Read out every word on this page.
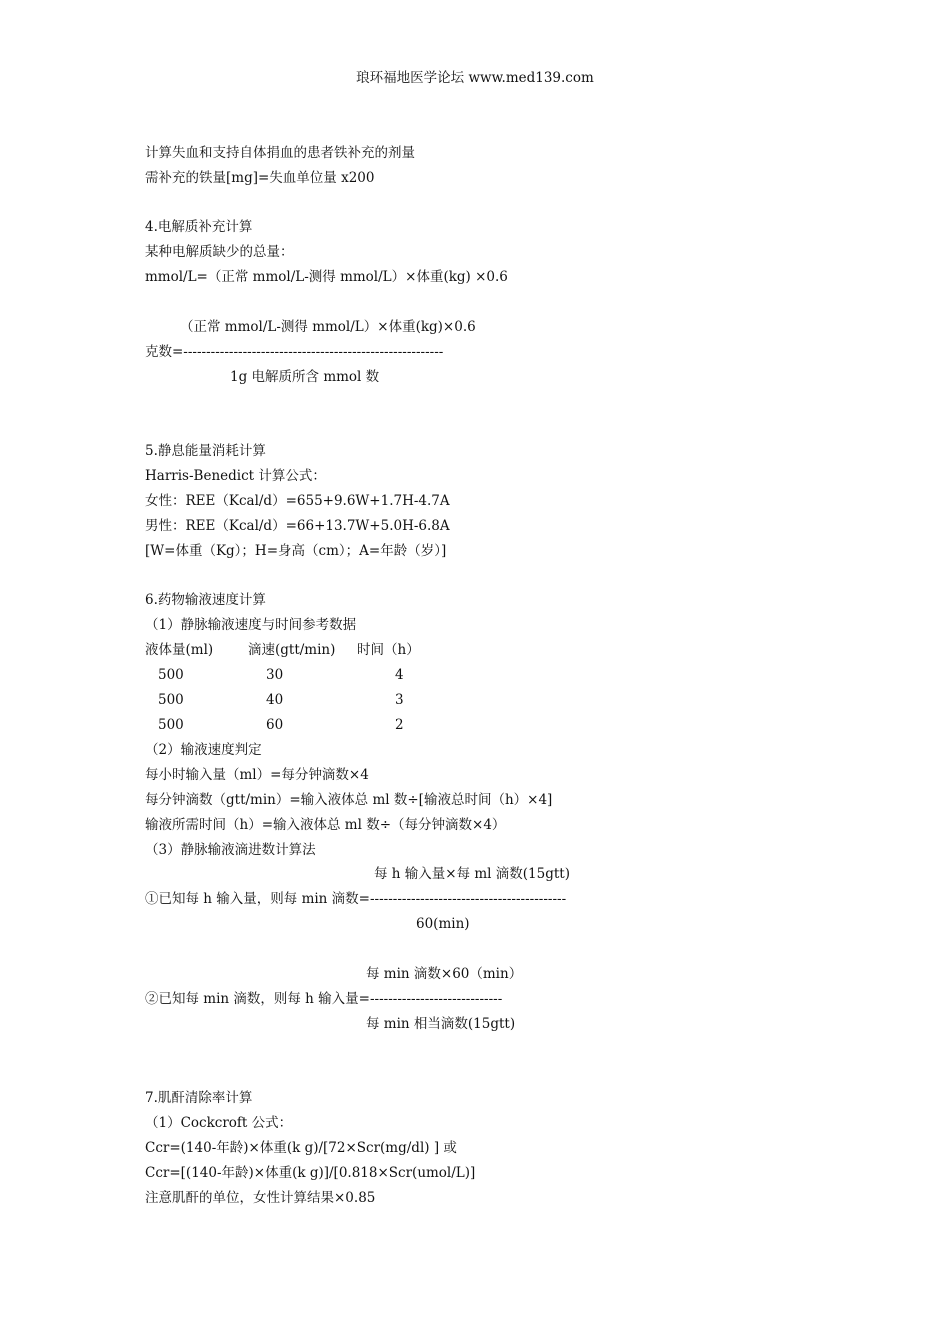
琅环福地医学论坛 www.med139.com
计算失血和支持自体捐血的患者铁补充的剂量
需补充的铁量[mg]=失血单位量 x200
4.电解质补充计算
某种电解质缺少的总量：
mmol/L=（正常 mmol/L-测得 mmol/L）×体重(kg) ×0.6
（正常 mmol/L-测得 mmol/L）×体重(kg)×0.6
克数=---------------------------------------------------------
1g 电解质所含 mmol 数
5.静息能量消耗计算
Harris-Benedict 计算公式：
女性：REE（Kcal/d）=655+9.6W+1.7H-4.7A
男性：REE（Kcal/d）=66+13.7W+5.0H-6.8A
[W=体重（Kg）；H=身高（cm）；A=年龄（岁）]
6.药物输液速度计算
（1）静脉输液速度与时间参考数据
液体量(ml)	滴速(gtt/min) 时间（h）
500	30	4
500	40	3
500	60	2
（2）输液速度判定
每小时输入量（ml）=每分钟滴数×4
每分钟滴数（gtt/min）=输入液体总 ml 数÷[输液总时间（h）×4]
输液所需时间（h）=输入液体总 ml 数÷（每分钟滴数×4）
（3）静脉输液滴进数计算法
每 h 输入量×每 ml 滴数(15gtt)
①已知每 h 输入量，则每 min 滴数=-------------------------------------------
60(min)
每 min 滴数×60（min）
②已知每 min 滴数，则每 h 输入量=-----------------------------
每 min 相当滴数(15gtt)
7.肌酐清除率计算
（1）Cockcroft 公式：
Ccr=(140-年龄)×体重(k g)/[72×Scr(mg/dl) ] 或
Ccr=[(140-年龄)×体重(k g)]/[0.818×Scr(umol/L)]
注意肌酐的单位，女性计算结果×0.85
